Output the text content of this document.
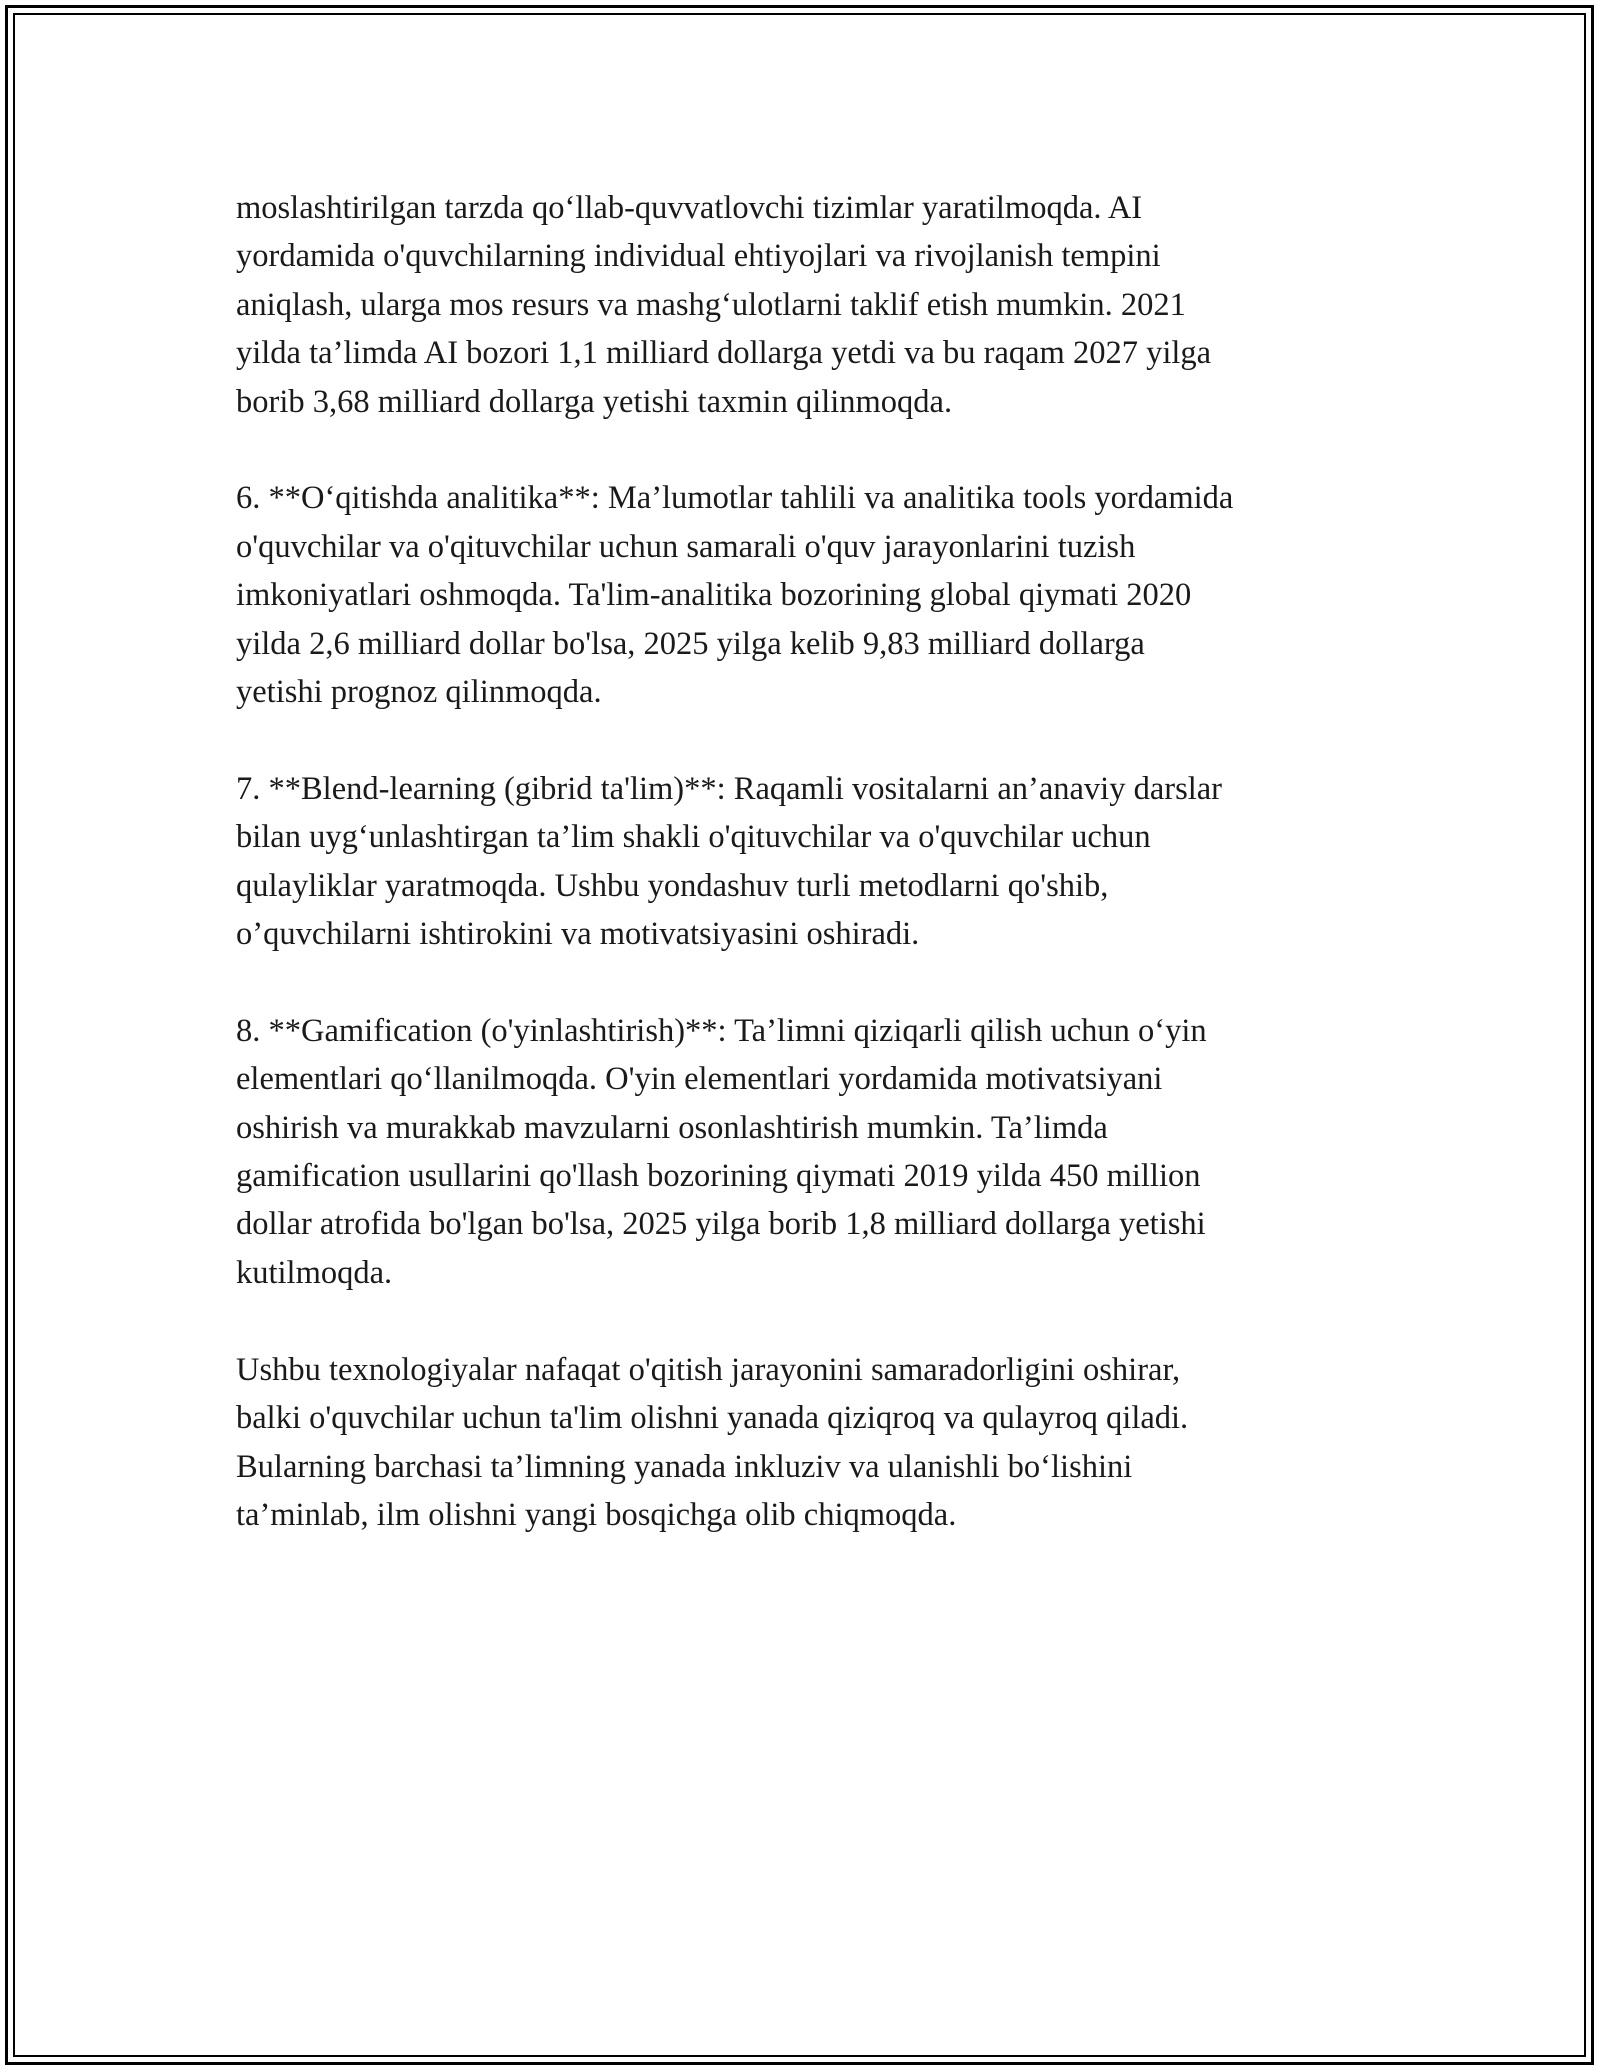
moslashtirilgan tarzda qo‘llab-quvvatlovchi tizimlar yaratilmoqda. AI
yordamida o'quvchilarning individual ehtiyojlari va rivojlanish tempini
aniqlash, ularga mos resurs va mashg‘ulotlarni taklif etish mumkin. 2021
yilda ta’limda AI bozori 1,1 milliard dollarga yetdi va bu raqam 2027 yilga
borib 3,68 milliard dollarga yetishi taxmin qilinmoqda.

6. **O‘qitishda analitika**: Ma’lumotlar tahlili va analitika tools yordamida
o'quvchilar va o'qituvchilar uchun samarali o'quv jarayonlarini tuzish
imkoniyatlari oshmoqda. Ta'lim-analitika bozorining global qiymati 2020
yilda 2,6 milliard dollar bo'lsa, 2025 yilga kelib 9,83 milliard dollarga
yetishi prognoz qilinmoqda.

7. **Blend-learning (gibrid ta'lim)**: Raqamli vositalarni an’anaviy darslar
bilan uyg‘unlashtirgan ta’lim shakli o'qituvchilar va o'quvchilar uchun
qulayliklar yaratmoqda. Ushbu yondashuv turli metodlarni qo'shib,
o’quvchilarni ishtirokini va motivatsiyasini oshiradi.

8. **Gamification (o'yinlashtirish)**: Ta’limni qiziqarli qilish uchun o‘yin
elementlari qo‘llanilmoqda. O'yin elementlari yordamida motivatsiyani
oshirish va murakkab mavzularni osonlashtirish mumkin. Ta’limda
gamification usullarini qo'llash bozorining qiymati 2019 yilda 450 million
dollar atrofida bo'lgan bo'lsa, 2025 yilga borib 1,8 milliard dollarga yetishi
kutilmoqda.

Ushbu texnologiyalar nafaqat o'qitish jarayonini samaradorligini oshirar,
balki o'quvchilar uchun ta'lim olishni yanada qiziqroq va qulayroq qiladi.
Bularning barchasi ta’limning yanada inkluziv va ulanishli bo‘lishini
ta’minlab, ilm olishni yangi bosqichga olib chiqmoqda.
